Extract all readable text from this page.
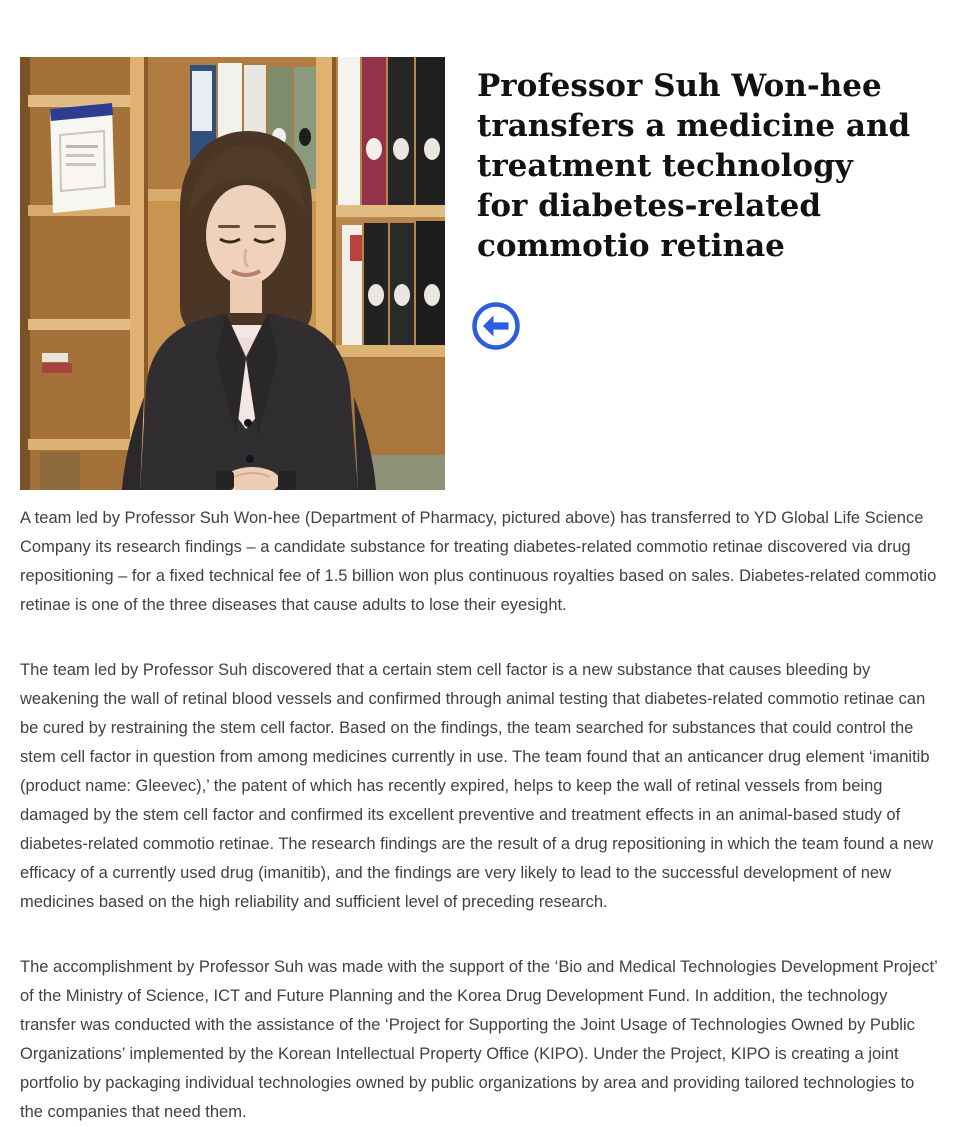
Professor Suh Won-hee
transfers a medicine and
treatment technology
for diabetes-related
commotio retinae

A team led by Professor Suh Won-hee (Department of Pharmacy, pictured above) has transferred to YD Global Life Science Company its research findings – a candidate substance for treating diabetes-related commotio retinae discovered via drug repositioning – for a fixed technical fee of 1.5 billion won plus continuous royalties based on sales. Diabetes-related commotio retinae is one of the three diseases that cause adults to lose their eyesight.

The team led by Professor Suh discovered that a certain stem cell factor is a new substance that causes bleeding by weakening the wall of retinal blood vessels and confirmed through animal testing that diabetes-related commotio retinae can be cured by restraining the stem cell factor. Based on the findings, the team searched for substances that could control the stem cell factor in question from among medicines currently in use. The team found that an anticancer drug element ‘imanitib (product name: Gleevec),’ the patent of which has recently expired, helps to keep the wall of retinal vessels from being damaged by the stem cell factor and confirmed its excellent preventive and treatment effects in an animal-based study of diabetes-related commotio retinae. The research findings are the result of a drug repositioning in which the team found a new efficacy of a currently used drug (imanitib), and the findings are very likely to lead to the successful development of new medicines based on the high reliability and sufficient level of preceding research.

The accomplishment by Professor Suh was made with the support of the ‘Bio and Medical Technologies Development Project’ of the Ministry of Science, ICT and Future Planning and the Korea Drug Development Fund. In addition, the technology transfer was conducted with the assistance of the ‘Project for Supporting the Joint Usage of Technologies Owned by Public Organizations’ implemented by the Korean Intellectual Property Office (KIPO). Under the Project, KIPO is creating a joint portfolio by packaging individual technologies owned by public organizations by area and providing tailored technologies to the companies that need them.
